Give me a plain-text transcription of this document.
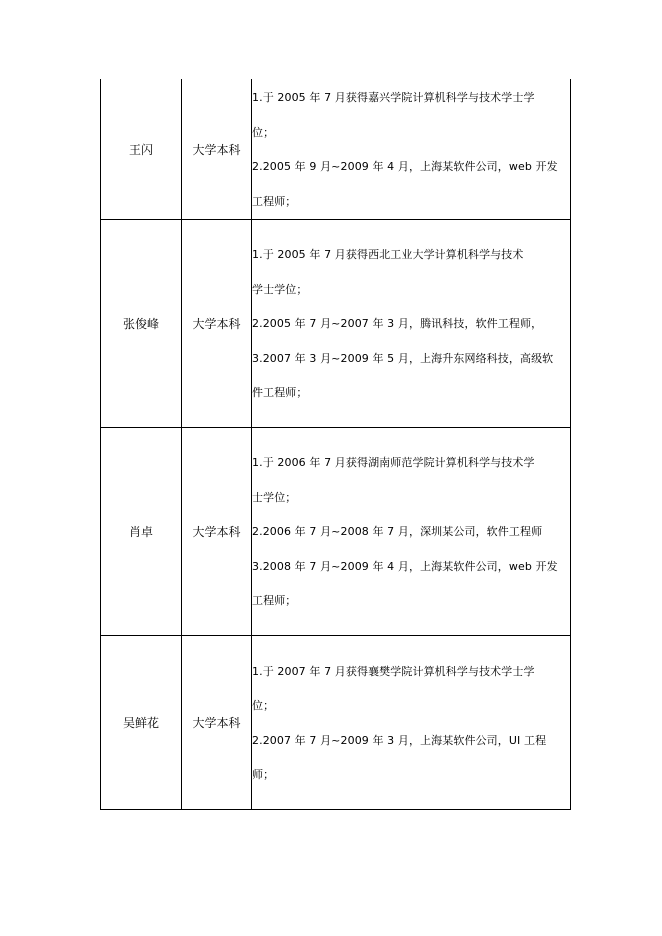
王闪	大学本科	1.于 2005 年 7 月获得嘉兴学院计算机科学与技术学士学
位；
2.2005 年 9 月~2009 年 4 月，上海某软件公司，web 开发
工程师；

张俊峰	大学本科	1.于 2005 年 7 月获得西北工业大学计算机科学与技术
学士学位；
2.2005 年 7 月~2007 年 3 月，腾讯科技，软件工程师，
3.2007 年 3 月~2009 年 5 月，上海升东网络科技，高级软
件工程师；

肖卓	大学本科	1.于 2006 年 7 月获得湖南师范学院计算机科学与技术学
士学位；
2.2006 年 7 月~2008 年 7 月，深圳某公司，软件工程师
3.2008 年 7 月~2009 年 4 月，上海某软件公司，web 开发
工程师；

吴鲜花	大学本科	1.于 2007 年 7 月获得襄樊学院计算机科学与技术学士学
位；
2.2007 年 7 月~2009 年 3 月，上海某软件公司，UI 工程
师；
